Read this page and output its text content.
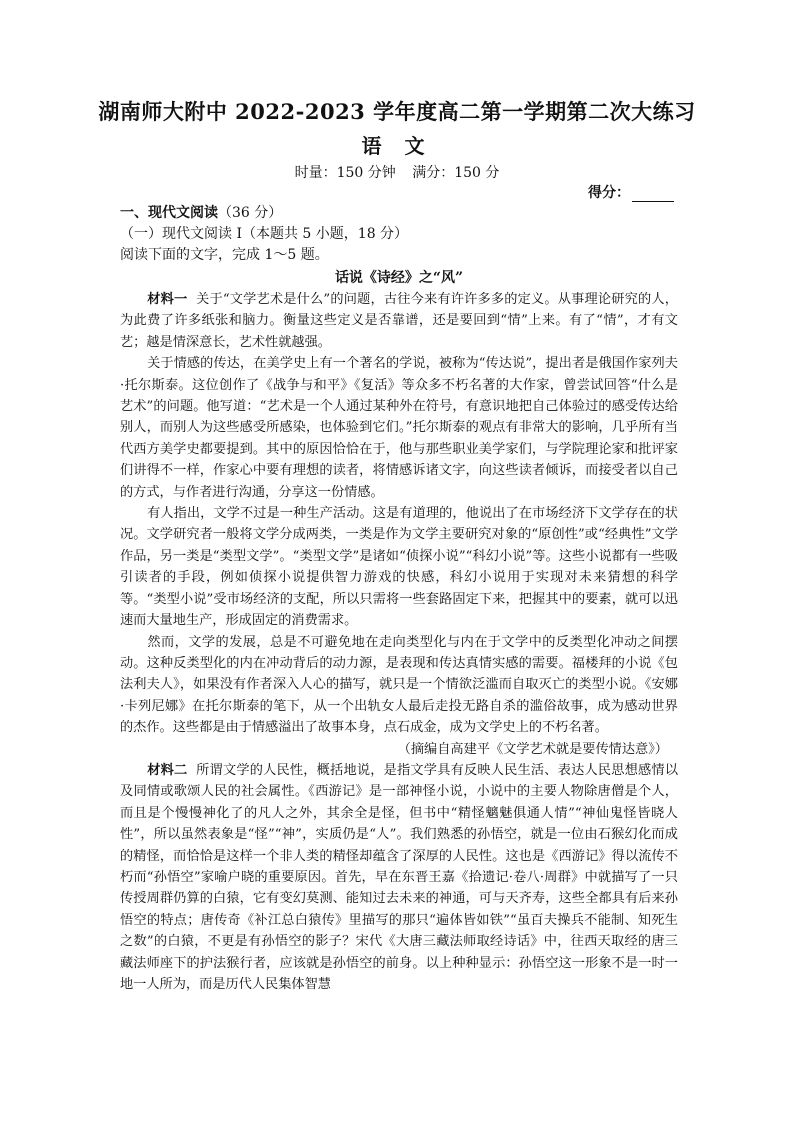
湖南师大附中 2022-2023 学年度高二第一学期第二次大练习
语 文
时量：150 分钟 满分：150 分
得分：
一、现代文阅读（36 分）
（一）现代文阅读 I（本题共 5 小题，18 分）
阅读下面的文字，完成 1～5 题。
话说《诗经》之“风”

材料一 关于“文学艺术是什么”的问题，古往今来有许许多多的定义。从事理论研究的人，为此费了许多纸张和脑力。衡量这些定义是否靠谱，还是要回到“情”上来。有了“情”，才有文艺；越是情深意长，艺术性就越强。

关于情感的传达，在美学史上有一个著名的学说，被称为“传达说”，提出者是俄国作家列夫·托尔斯泰。这位创作了《战争与和平》《复活》等众多不朽名著的大作家，曾尝试回答“什么是艺术”的问题。他写道：“艺术是一个人通过某种外在符号，有意识地把自己体验过的感受传达给别人，而别人为这些感受所感染，也体验到它们。”托尔斯泰的观点有非常大的影响，几乎所有当代西方美学史都要提到。其中的原因恰恰在于，他与那些职业美学家们，与学院理论家和批评家们讲得不一样，作家心中要有理想的读者，将情感诉诸文字，向这些读者倾诉，而接受者以自己的方式，与作者进行沟通，分享这一份情感。

有人指出，文学不过是一种生产活动。这是有道理的，他说出了在市场经济下文学存在的状况。文学研究者一般将文学分成两类，一类是作为文学主要研究对象的“原创性”或“经典性”文学作品，另一类是“类型文学”。“类型文学”是诸如“侦探小说”“科幻小说”等。这些小说都有一些吸引读者的手段，例如侦探小说提供智力游戏的快感，科幻小说用于实现对未来猜想的科学等。“类型小说”受市场经济的支配，所以只需将一些套路固定下来，把握其中的要素，就可以迅速而大量地生产，形成固定的消费需求。

然而，文学的发展，总是不可避免地在走向类型化与内在于文学中的反类型化冲动之间摆动。这种反类型化的内在冲动背后的动力源，是表现和传达真情实感的需要。福楼拜的小说《包法利夫人》，如果没有作者深入人心的描写，就只是一个情欲泛滥而自取灭亡的类型小说。《安娜·卡列尼娜》在托尔斯泰的笔下，从一个出轨女人最后走投无路自杀的滥俗故事，成为感动世界的杰作。这些都是由于情感溢出了故事本身，点石成金，成为文学史上的不朽名著。

（摘编自高建平《文学艺术就是要传情达意》）

材料二 所谓文学的人民性，概括地说，是指文学具有反映人民生活、表达人民思想感情以及同情或歌颂人民的社会属性。《西游记》是一部神怪小说，小说中的主要人物除唐僧是个人，而且是个慢慢神化了的凡人之外，其余全是怪，但书中“精怪魑魅俱通人情”“神仙鬼怪皆晓人性”，所以虽然表象是“怪”“神”，实质仍是“人”。我们熟悉的孙悟空，就是一位由石猴幻化而成的精怪，而恰恰是这样一个非人类的精怪却蕴含了深厚的人民性。这也是《西游记》得以流传不朽而“孙悟空”家喻户晓的重要原因。首先，早在东晋王嘉《拾遗记·卷八·周群》中就描写了一只传授周群仍算的白猿，它有变幻莫测、能知过去未来的神通，可与天齐寿，这些全都具有后来孙悟空的特点；唐传奇《补江总白猿传》里描写的那只“遍体皆如铁”“虽百夫操兵不能制、知死生之数”的白猿，不更是有孙悟空的影子？宋代《大唐三藏法师取经诗话》中，往西天取经的唐三藏法师座下的护法猴行者，应该就是孙悟空的前身。以上种种显示：孙悟空这一形象不是一时一地一人所为，而是历代人民集体智慧
